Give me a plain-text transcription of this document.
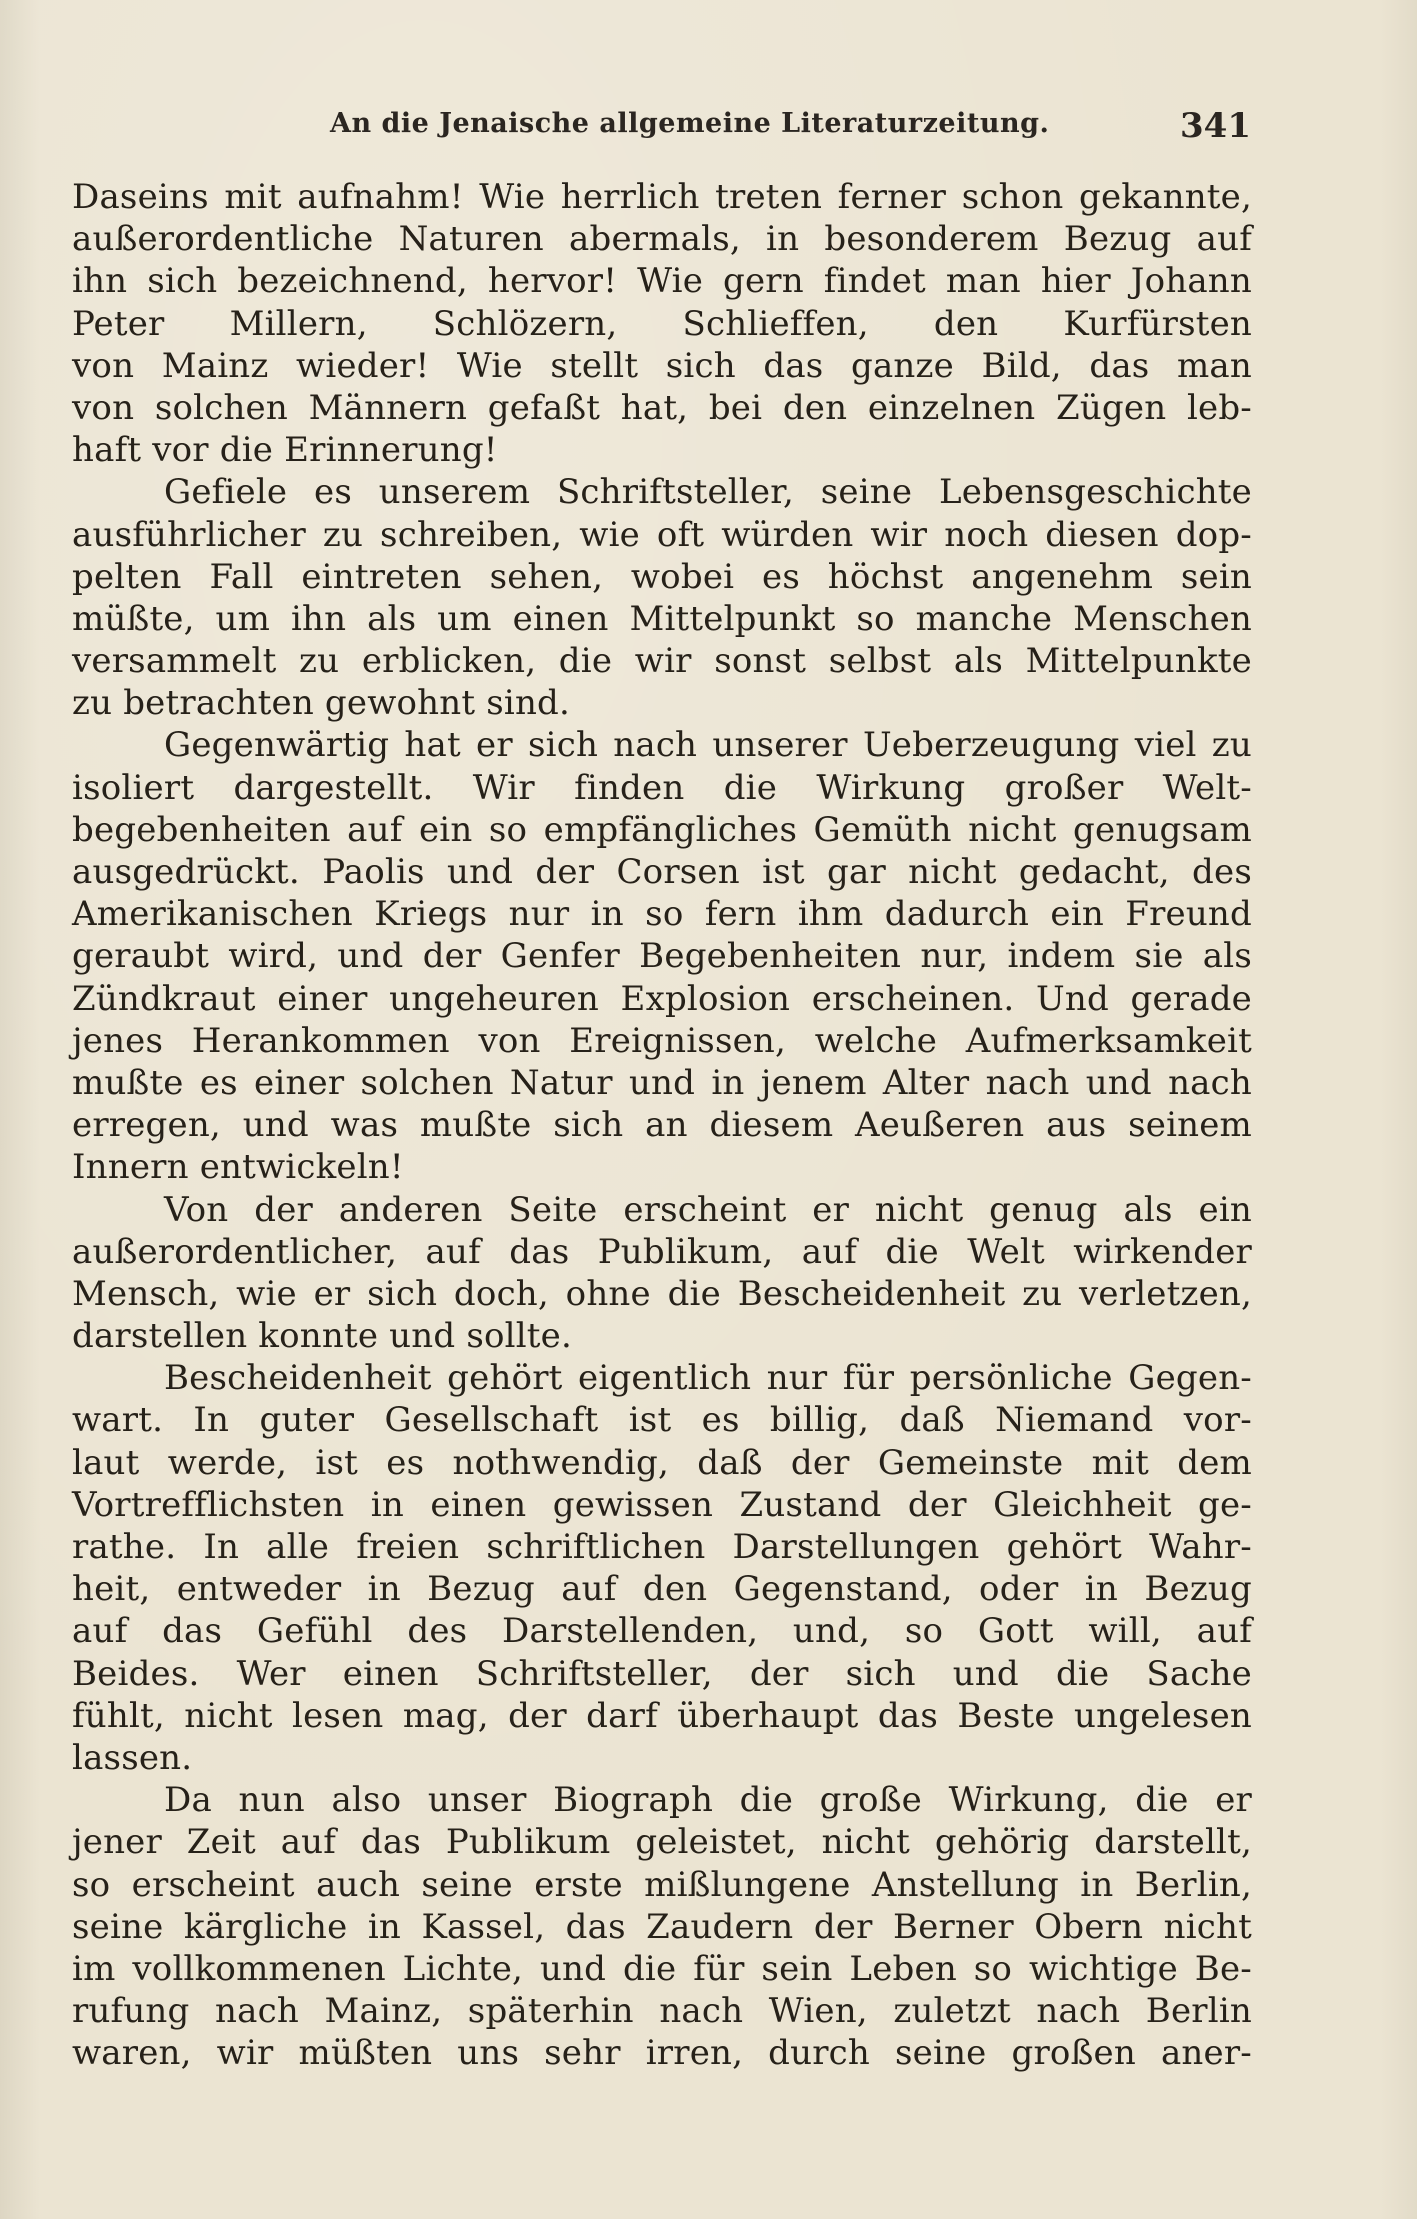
An die Jenaische allgemeine Literaturzeitung.	341
Daseins mit aufnahm! Wie herrlich treten ferner schon gekannte,
außerordentliche Naturen abermals, in besonderem Bezug auf
ihn sich bezeichnend, hervor! Wie gern findet man hier Johann
Peter Millern, Schlözern, Schlieffen, den Kurfürsten
von Mainz wieder! Wie stellt sich das ganze Bild, das man
von solchen Männern gefaßt hat, bei den einzelnen Zügen leb-
haft vor die Erinnerung!
Gefiele es unserem Schriftsteller, seine Lebensgeschichte
ausführlicher zu schreiben, wie oft würden wir noch diesen dop-
pelten Fall eintreten sehen, wobei es höchst angenehm sein
müßte, um ihn als um einen Mittelpunkt so manche Menschen
versammelt zu erblicken, die wir sonst selbst als Mittelpunkte
zu betrachten gewohnt sind.
Gegenwärtig hat er sich nach unserer Ueberzeugung viel zu
isoliert dargestellt. Wir finden die Wirkung großer Welt-
begebenheiten auf ein so empfängliches Gemüth nicht genugsam
ausgedrückt. Paolis und der Corsen ist gar nicht gedacht, des
Amerikanischen Kriegs nur in so fern ihm dadurch ein Freund
geraubt wird, und der Genfer Begebenheiten nur, indem sie als
Zündkraut einer ungeheuren Explosion erscheinen. Und gerade
jenes Herankommen von Ereignissen, welche Aufmerksamkeit
mußte es einer solchen Natur und in jenem Alter nach und nach
erregen, und was mußte sich an diesem Aeußeren aus seinem
Innern entwickeln!
Von der anderen Seite erscheint er nicht genug als ein
außerordentlicher, auf das Publikum, auf die Welt wirkender
Mensch, wie er sich doch, ohne die Bescheidenheit zu verletzen,
darstellen konnte und sollte.
Bescheidenheit gehört eigentlich nur für persönliche Gegen-
wart. In guter Gesellschaft ist es billig, daß Niemand vor-
laut werde, ist es nothwendig, daß der Gemeinste mit dem
Vortrefflichsten in einen gewissen Zustand der Gleichheit ge-
rathe. In alle freien schriftlichen Darstellungen gehört Wahr-
heit, entweder in Bezug auf den Gegenstand, oder in Bezug
auf das Gefühl des Darstellenden, und, so Gott will, auf
Beides. Wer einen Schriftsteller, der sich und die Sache
fühlt, nicht lesen mag, der darf überhaupt das Beste ungelesen
lassen.
Da nun also unser Biograph die große Wirkung, die er
jener Zeit auf das Publikum geleistet, nicht gehörig darstellt,
so erscheint auch seine erste mißlungene Anstellung in Berlin,
seine kärgliche in Kassel, das Zaudern der Berner Obern nicht
im vollkommenen Lichte, und die für sein Leben so wichtige Be-
rufung nach Mainz, späterhin nach Wien, zuletzt nach Berlin
waren, wir müßten uns sehr irren, durch seine großen aner-
